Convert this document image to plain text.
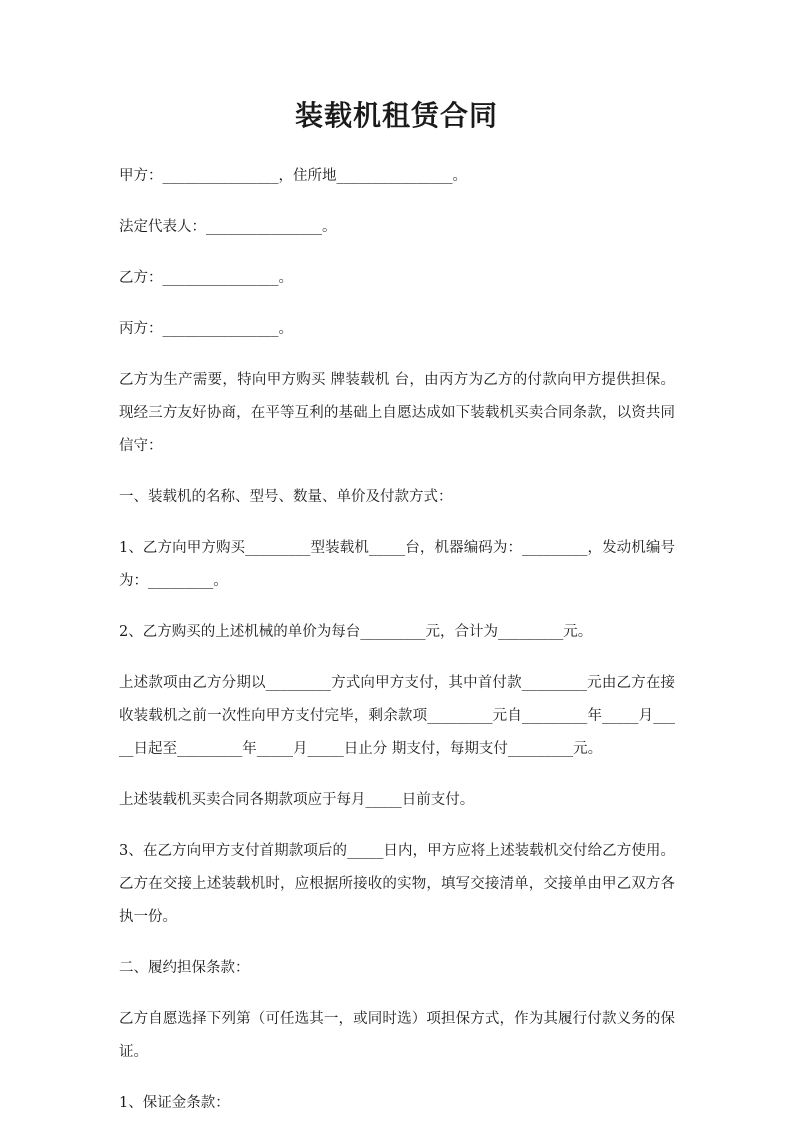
装载机租赁合同

甲方：________________，住所地________________。

法定代表人：________________。

乙方：________________。

丙方：________________。

乙方为生产需要，特向甲方购买 牌装载机 台，由丙方为乙方的付款向甲方提供担保。现经三方友好协商，在平等互利的基础上自愿达成如下装载机买卖合同条款，以资共同信守：

一、装载机的名称、型号、数量、单价及付款方式：

1、乙方向甲方购买_________型装载机_____台，机器编码为：_________，发动机编号为：_________。

2、乙方购买的上述机械的单价为每台_________元，合计为_________元。

上述款项由乙方分期以_________方式向甲方支付，其中首付款_________元由乙方在接收装载机之前一次性向甲方支付完毕，剩余款项_________元自_________年_____月_____日起至_________年_____月_____日止分 期支付，每期支付_________元。

上述装载机买卖合同各期款项应于每月_____日前支付。

3、在乙方向甲方支付首期款项后的_____日内，甲方应将上述装载机交付给乙方使用。乙方在交接上述装载机时，应根据所接收的实物，填写交接清单，交接单由甲乙双方各执一份。

二、履约担保条款：

乙方自愿选择下列第（可任选其一，或同时选）项担保方式，作为其履行付款义务的保证。

1、保证金条款：
